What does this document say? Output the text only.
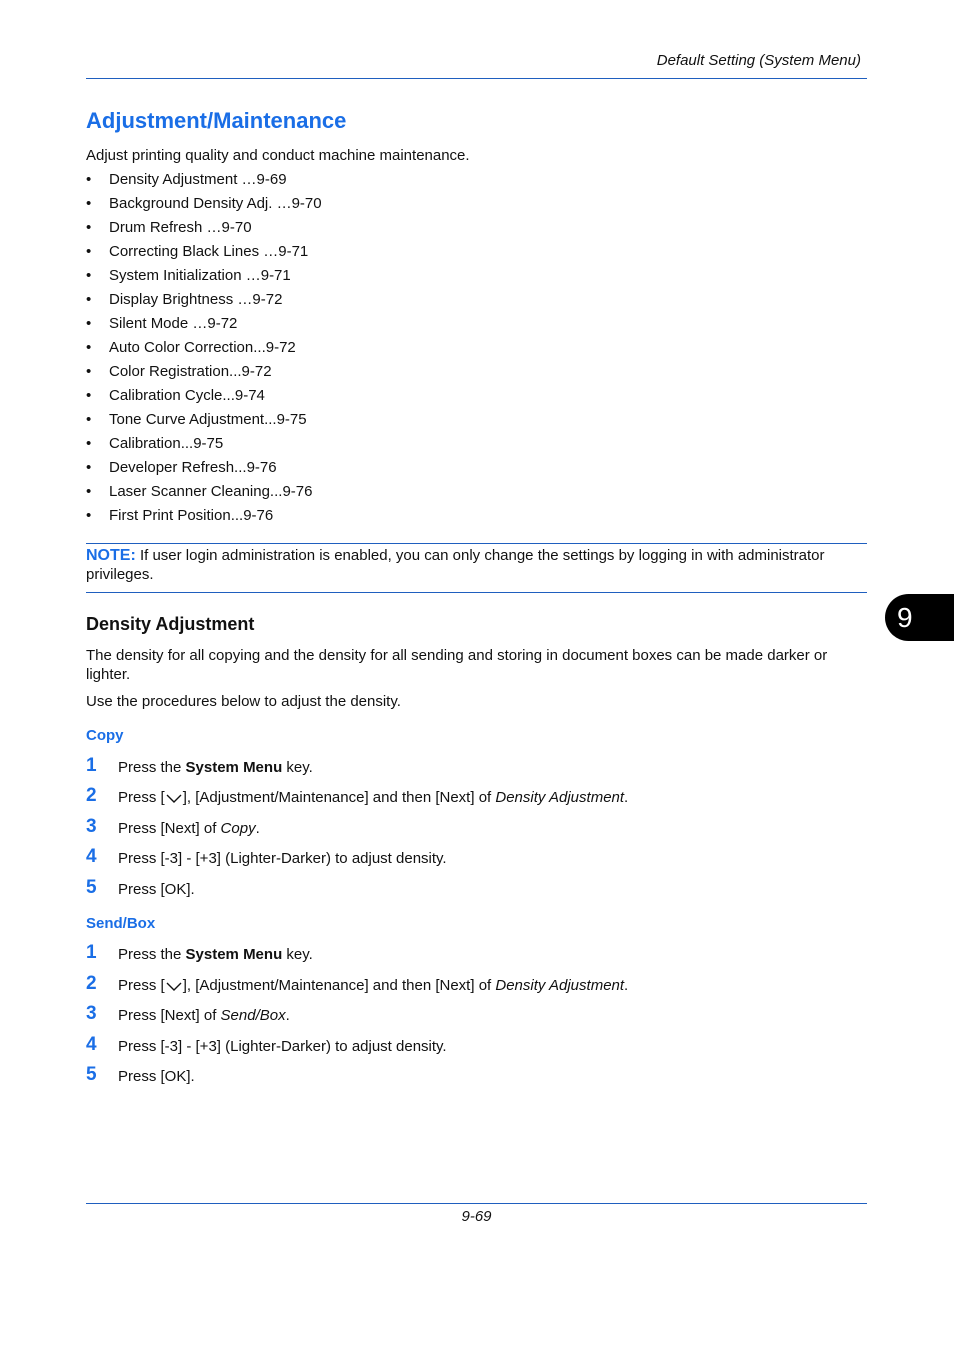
Default Setting (System Menu)
Adjustment/Maintenance
Adjust printing quality and conduct machine maintenance.
• Density Adjustment …9-69
• Background Density Adj. …9-70
• Drum Refresh …9-70
• Correcting Black Lines …9-71
• System Initialization …9-71
• Display Brightness …9-72
• Silent Mode …9-72
• Auto Color Correction...9-72
• Color Registration...9-72
• Calibration Cycle...9-74
• Tone Curve Adjustment...9-75
• Calibration...9-75
• Developer Refresh...9-76
• Laser Scanner Cleaning...9-76
• First Print Position...9-76
NOTE: If user login administration is enabled, you can only change the settings by logging in with administrator privileges.
9
Density Adjustment
The density for all copying and the density for all sending and storing in document boxes can be made darker or lighter.
Use the procedures below to adjust the density.
Copy
1	Press the System Menu key.
2	Press [ ], [Adjustment/Maintenance] and then [Next] of Density Adjustment.
3	Press [Next] of Copy.
4	Press [-3] - [+3] (Lighter-Darker) to adjust density.
5	Press [OK].
Send/Box
1	Press the System Menu key.
2	Press [ ], [Adjustment/Maintenance] and then [Next] of Density Adjustment.
3	Press [Next] of Send/Box.
4	Press [-3] - [+3] (Lighter-Darker) to adjust density.
5	Press [OK].
9-69
